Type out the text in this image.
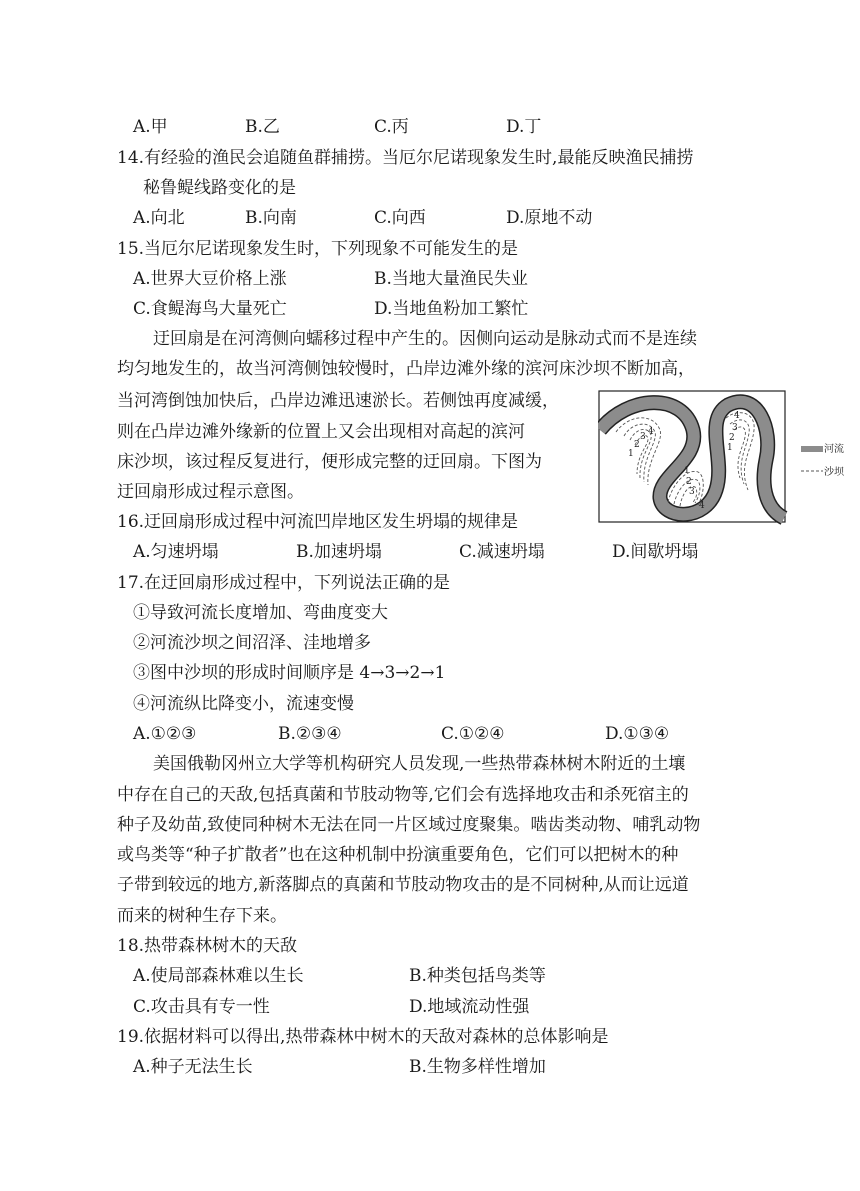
A.甲	B.乙	C.丙	D.丁
14.有经验的渔民会追随鱼群捕捞。当厄尔尼诺现象发生时,最能反映渔民捕捞
秘鲁鳀线路变化的是
A.向北	B.向南	C.向西	D.原地不动
15.当厄尔尼诺现象发生时，下列现象不可能发生的是
A.世界大豆价格上涨	B.当地大量渔民失业
C.食鳀海鸟大量死亡	D.当地鱼粉加工繁忙
迂回扇是在河湾侧向蠕移过程中产生的。因侧向运动是脉动式而不是连续
均匀地发生的，故当河湾侧蚀较慢时，凸岸边滩外缘的滨河床沙坝不断加高，
当河湾倒蚀加快后，凸岸边滩迅速淤长。若侧蚀再度减缓，
则在凸岸边滩外缘新的位置上又会出现相对高起的滨河
床沙坝，该过程反复进行，便形成完整的迂回扇。下图为
迂回扇形成过程示意图。
1
2
3 4
1
2
3
4
1
2
3
4
河流
沙坝
16.迂回扇形成过程中河流凹岸地区发生坍塌的规律是
A.匀速坍塌	B.加速坍塌	C.减速坍塌	D.间歇坍塌
17.在迂回扇形成过程中，下列说法正确的是
①导致河流长度增加、弯曲度变大
②河流沙坝之间沼泽、洼地增多
③图中沙坝的形成时间顺序是 4→3→2→1
④河流纵比降变小，流速变慢
A.①②③	B.②③④	C.①②④	D.①③④
美国俄勒冈州立大学等机构研究人员发现,一些热带森林树木附近的土壤
中存在自己的天敌,包括真菌和节肢动物等,它们会有选择地攻击和杀死宿主的
种子及幼苗,致使同种树木无法在同一片区域过度聚集。啮齿类动物、哺乳动物
或鸟类等“种子扩散者”也在这种机制中扮演重要角色，它们可以把树木的种
子带到较远的地方,新落脚点的真菌和节肢动物攻击的是不同树种,从而让远道
而来的树种生存下来。
18.热带森林树木的天敌
A.使局部森林难以生长	B.种类包括鸟类等
C.攻击具有专一性	D.地域流动性强
19.依据材料可以得出,热带森林中树木的天敌对森林的总体影响是
A.种子无法生长	B.生物多样性增加
